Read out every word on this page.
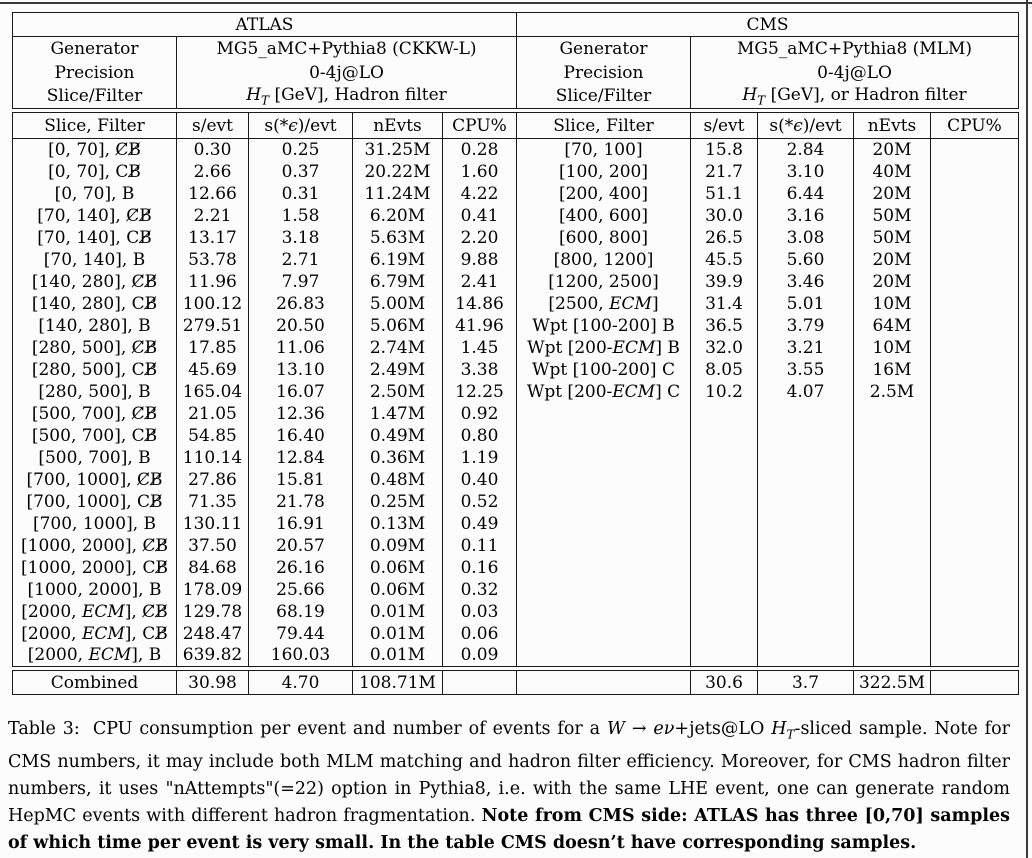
ATLAS		CMS	
Generator	MG5_aMC+Pythia8 (CKKW-L)	Generator	MG5_aMC+Pythia8 (MLM)
Precision	0-4j@LO	Precision	0-4j@LO
Slice/Filter	$H_T$ [GeV], Hadron filter	Slice/Filter	$H_T$ [GeV], or Hadron filter
Slice, Filter	s/evt	s(*ϵ)/evt	nEvts	CPU%	Slice, Filter	s/evt	s(*ϵ)/evt	nEvts	CPU%
[0, 70], C̸B̸	0.30	0.25	31.25M	0.28	[70, 100]	15.8	2.84	20M	
[0, 70], CB̸	2.66	0.37	20.22M	1.60	[100, 200]	21.7	3.10	40M	
[0, 70], B	12.66	0.31	11.24M	4.22	[200, 400]	51.1	6.44	20M	
[70, 140], C̸B̸	2.21	1.58	6.20M	0.41	[400, 600]	30.0	3.16	50M	
[70, 140], CB̸	13.17	3.18	5.63M	2.20	[600, 800]	26.5	3.08	50M	
[70, 140], B	53.78	2.71	6.19M	9.88	[800, 1200]	45.5	5.60	20M	
[140, 280], C̸B̸	11.96	7.97	6.79M	2.41	[1200, 2500]	39.9	3.46	20M	
[140, 280], CB̸	100.12	26.83	5.00M	14.86	[2500, ECM]	31.4	5.01	10M	
[140, 280], B	279.51	20.50	5.06M	41.96	Wpt [100-200] B	36.5	3.79	64M	
[280, 500], C̸B̸	17.85	11.06	2.74M	1.45	Wpt [200-ECM] B	32.0	3.21	10M	
[280, 500], CB̸	45.69	13.10	2.49M	3.38	Wpt [100-200] C	8.05	3.55	16M	
[280, 500], B	165.04	16.07	2.50M	12.25	Wpt [200-ECM] C	10.2	4.07	2.5M	
[500, 700], C̸B̸	21.05	12.36	1.47M	0.92					
[500, 700], CB̸	54.85	16.40	0.49M	0.80					
[500, 700], B	110.14	12.84	0.36M	1.19					
[700, 1000], C̸B̸	27.86	15.81	0.48M	0.40					
[700, 1000], CB̸	71.35	21.78	0.25M	0.52					
[700, 1000], B	130.11	16.91	0.13M	0.49					
[1000, 2000], C̸B̸	37.50	20.57	0.09M	0.11					
[1000, 2000], CB̸	84.68	26.16	0.06M	0.16					
[1000, 2000], B	178.09	25.66	0.06M	0.32					
[2000, ECM], C̸B̸	129.78	68.19	0.01M	0.03					
[2000, ECM], CB̸	248.47	79.44	0.01M	0.06					
[2000, ECM], B	639.82	160.03	0.01M	0.09					
Combined	30.98	4.70	108.71M			30.6	3.7	322.5M	
Table 3: CPU consumption per event and number of events for a W → eν+jets@LO $H_T$-sliced sample. Note for CMS numbers, it may include both MLM matching and hadron filter efficiency. Moreover, for CMS hadron filter numbers, it uses "nAttempts"(=22) option in Pythia8, i.e. with the same LHE event, one can generate random HepMC events with different hadron fragmentation. Note from CMS side: ATLAS has three [0,70] samples of which time per event is very small. In the table CMS doesn’t have corresponding samples.
